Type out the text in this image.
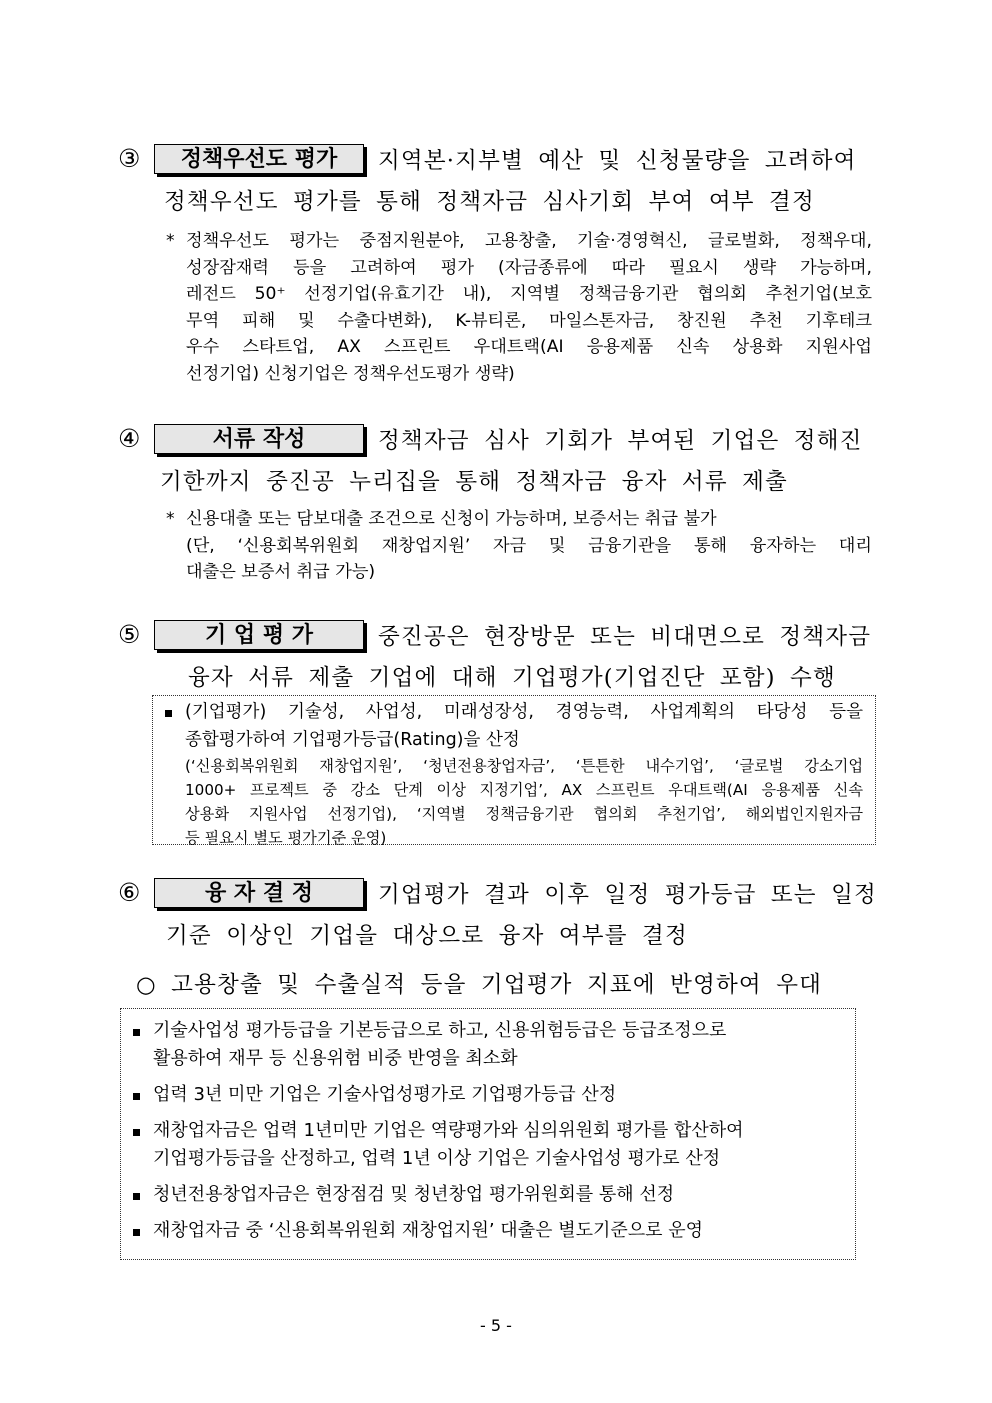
③	정책우선도 평가	지역본·지부별 예산 및 신청물량을 고려하여
정책우선도 평가를 통해 정책자금 심사기회 부여 여부 결정
* 정책우선도 평가는 중점지원분야, 고용창출, 기술·경영혁신, 글로벌화, 정책우대,
성장잠재력 등을 고려하여 평가 (자금종류에 따라 필요시 생략 가능하며,
레전드 50⁺ 선정기업(유효기간 내), 지역별 정책금융기관 협의회 추천기업(보호
무역 피해 및 수출다변화), K-뷰티론, 마일스톤자금, 창진원 추천 기후테크
우수 스타트업, AX 스프린트 우대트랙(AI 응용제품 신속 상용화 지원사업
선정기업) 신청기업은 정책우선도평가 생략)
④	서류 작성	정책자금 심사 기회가 부여된 기업은 정해진
기한까지 중진공 누리집을 통해 정책자금 융자 서류 제출
* 신용대출 또는 담보대출 조건으로 신청이 가능하며, 보증서는 취급 불가
(단, ‘신용회복위원회 재창업지원’ 자금 및 금융기관을 통해 융자하는 대리
대출은 보증서 취급 가능)
⑤	기 업 평 가	중진공은 현장방문 또는 비대면으로 정책자금
융자 서류 제출 기업에 대해 기업평가(기업진단 포함) 수행
(기업평가) 기술성, 사업성, 미래성장성, 경영능력, 사업계획의 타당성 등을
종합평가하여 기업평가등급(Rating)을 산정
(‘신용회복위원회 재창업지원’, ‘청년전용창업자금’, ‘튼튼한 내수기업’, ‘글로벌 강소기업
1000+ 프로젝트 중 강소 단계 이상 지정기업’, AX 스프린트 우대트랙(AI 응용제품 신속
상용화 지원사업 선정기업), ‘지역별 정책금융기관 협의회 추천기업’, 해외법인지원자금
등 필요시 별도 평가기준 운영)
⑥	융 자 결 정	기업평가 결과 이후 일정 평가등급 또는 일정
기준 이상인 기업을 대상으로 융자 여부를 결정
○ 고용창출 및 수출실적 등을 기업평가 지표에 반영하여 우대
기술사업성 평가등급을 기본등급으로 하고, 신용위험등급은 등급조정으로
활용하여 재무 등 신용위험 비중 반영을 최소화
업력 3년 미만 기업은 기술사업성평가로 기업평가등급 산정
재창업자금은 업력 1년미만 기업은 역량평가와 심의위원회 평가를 합산하여
기업평가등급을 산정하고, 업력 1년 이상 기업은 기술사업성 평가로 산정
청년전용창업자금은 현장점검 및 청년창업 평가위원회를 통해 선정
재창업자금 중 ‘신용회복위원회 재창업지원’ 대출은 별도기준으로 운영
- 5 -
